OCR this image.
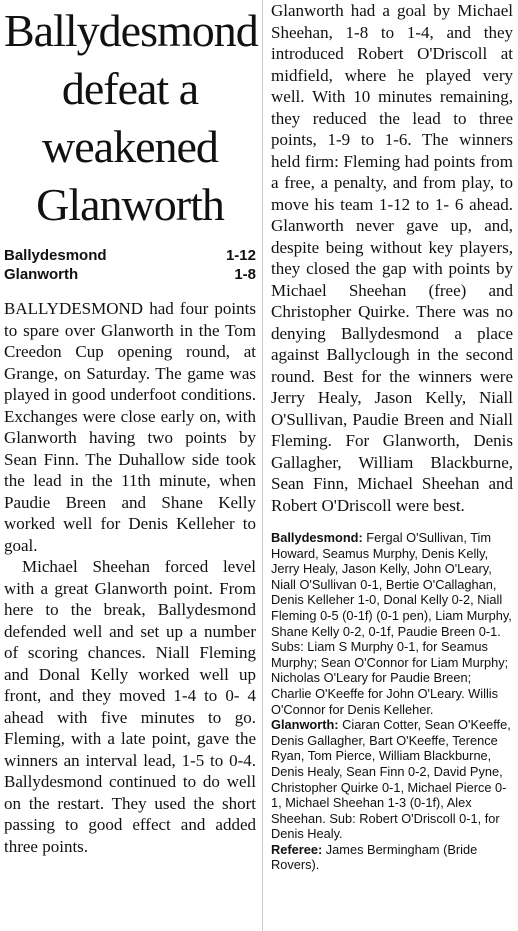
Ballydesmond
defeat a
weakened
Glanworth
Ballydesmond	1-12
Glanworth	1-8

BALLYDESMOND had four points to spare over Glanworth in the Tom Creedon Cup opening round, at Grange, on Saturday. The game was played in good underfoot conditions. Exchanges were close early on, with Glanworth having two points by Sean Finn. The Duhallow side took the lead in the 11th minute, when Paudie Breen and Shane Kelly worked well for Denis Kelleher to goal.

Michael Sheehan forced level with a great Glanworth point. From here to the break, Ballydesmond defended well and set up a number of scoring chances. Niall Fleming and Donal Kelly worked well up front, and they moved 1-4 to 0- 4 ahead with five minutes to go. Fleming, with a late point, gave the winners an interval lead, 1-5 to 0-4. Ballydesmond continued to do well on the restart. They used the short passing to good effect and added three points.

Glanworth had a goal by Michael Sheehan, 1-8 to 1-4, and they introduced Robert O'Driscoll at midfield, where he played very well. With 10 minutes remaining, they reduced the lead to three points, 1-9 to 1-6. The winners held firm: Fleming had points from a free, a penalty, and from play, to move his team 1-12 to 1- 6 ahead. Glanworth never gave up, and, despite being without key players, they closed the gap with points by Michael Sheehan (free) and Christopher Quirke. There was no denying Ballydesmond a place against Ballyclough in the second round. Best for the winners were Jerry Healy, Jason Kelly, Niall O'Sullivan, Paudie Breen and Niall Fleming. For Glanworth, Denis Gallagher, William Blackburne, Sean Finn, Michael Sheehan and Robert O'Driscoll were best.

Ballydesmond: Fergal O'Sullivan, Tim Howard, Seamus Murphy, Denis Kelly, Jerry Healy, Jason Kelly, John O'Leary, Niall O'Sullivan 0-1, Bertie O'Callaghan, Denis Kelleher 1-0, Donal Kelly 0-2, Niall Fleming 0-5 (0-1f) (0-1 pen), Liam Murphy, Shane Kelly 0-2, 0-1f, Paudie Breen 0-1. Subs: Liam S Murphy 0-1, for Seamus Murphy; Sean O'Connor for Liam Murphy; Nicholas O'Leary for Paudie Breen; Charlie O'Keeffe for John O'Leary. Willis O'Connor for Denis Kelleher.

Glanworth: Ciaran Cotter, Sean O'Keeffe, Denis Gallagher, Bart O'Keeffe, Terence Ryan, Tom Pierce, William Blackburne, Denis Healy, Sean Finn 0-2, David Pyne, Christopher Quirke 0-1, Michael Pierce 0-1, Michael Sheehan 1-3 (0-1f), Alex Sheehan. Sub: Robert O'Driscoll 0-1, for Denis Healy.

Referee: James Bermingham (Bride Rovers).
